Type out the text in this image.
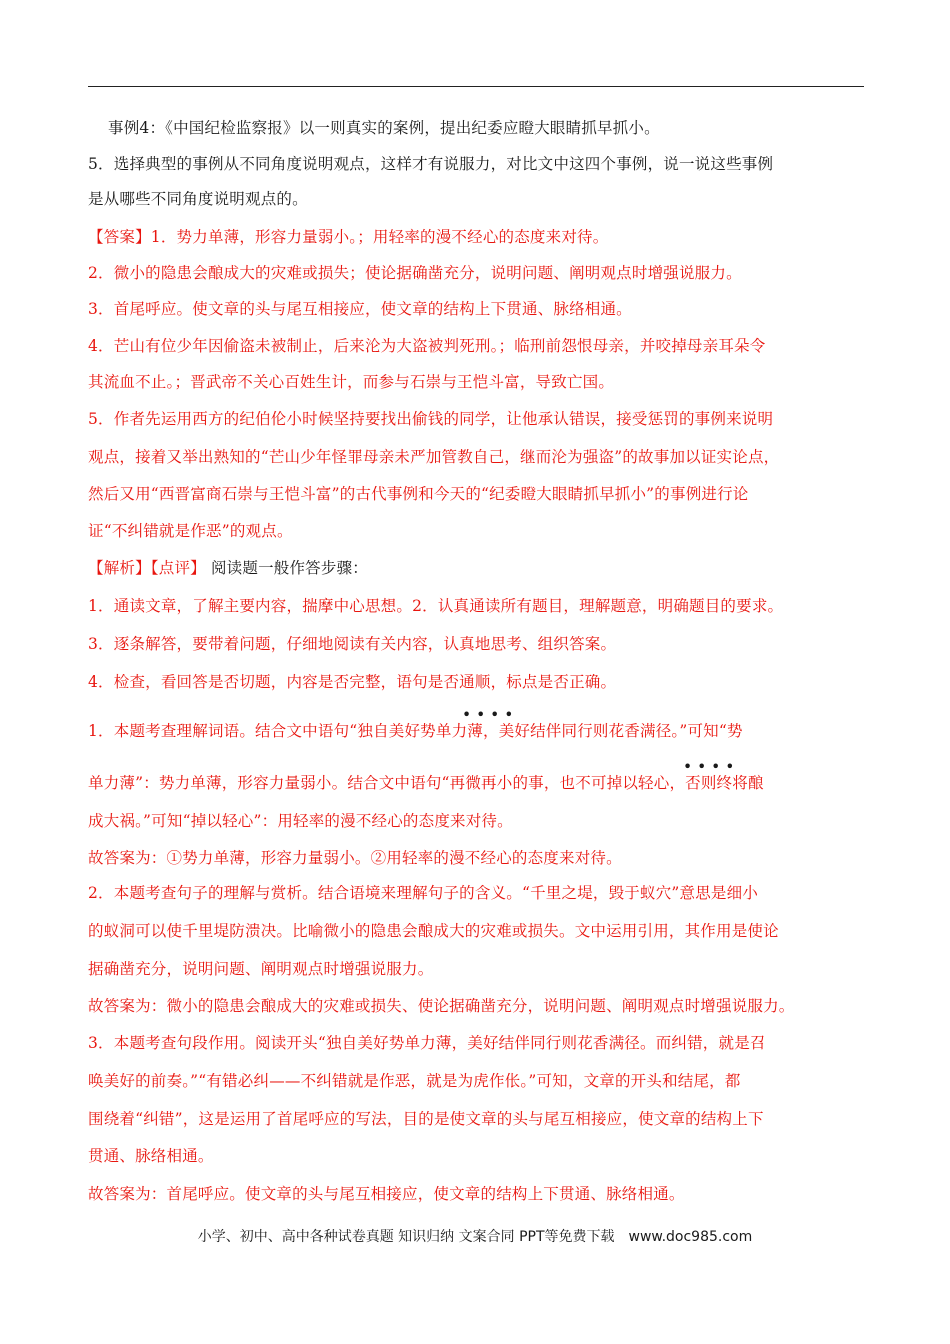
事例4：《中国纪检监察报》以一则真实的案例，提出纪委应瞪大眼睛抓早抓小。
5．选择典型的事例从不同角度说明观点，这样才有说服力，对比文中这四个事例，说一说这些事例
是从哪些不同角度说明观点的。
【答案】1．势力单薄，形容力量弱小。；用轻率的漫不经心的态度来对待。
2．微小的隐患会酿成大的灾难或损失；使论据确凿充分，说明问题、阐明观点时增强说服力。
3．首尾呼应。使文章的头与尾互相接应，使文章的结构上下贯通、脉络相通。
4．芒山有位少年因偷盗未被制止，后来沦为大盗被判死刑。；临刑前怨恨母亲，并咬掉母亲耳朵令
其流血不止。；晋武帝不关心百姓生计，而参与石崇与王恺斗富，导致亡国。
5．作者先运用西方的纪伯伦小时候坚持要找出偷钱的同学，让他承认错误，接受惩罚的事例来说明
观点，接着又举出熟知的“芒山少年怪罪母亲未严加管教自己，继而沦为强盗”的故事加以证实论点，
然后又用“西晋富商石崇与王恺斗富”的古代事例和今天的“纪委瞪大眼睛抓早抓小”的事例进行论
证“不纠错就是作恶”的观点。
【解析】【点评】 阅读题一般作答步骤：
1．通读文章，了解主要内容，揣摩中心思想。2．认真通读所有题目，理解题意，明确题目的要求。
3．逐条解答，要带着问题，仔细地阅读有关内容，认真地思考、组织答案。
4．检查，看回答是否切题，内容是否完整，语句是否通顺，标点是否正确。
• • • •
1．本题考查理解词语。结合文中语句“独自美好势单力薄，美好结伴同行则花香满径。”可知“势
• • • •
单力薄”：势力单薄，形容力量弱小。结合文中语句“再微再小的事，也不可掉以轻心，否则终将酿
成大祸。”可知“掉以轻心”：用轻率的漫不经心的态度来对待。
故答案为：①势力单薄，形容力量弱小。②用轻率的漫不经心的态度来对待。
2．本题考查句子的理解与赏析。结合语境来理解句子的含义。“千里之堤，毁于蚁穴”意思是细小
的蚁洞可以使千里堤防溃决。比喻微小的隐患会酿成大的灾难或损失。文中运用引用，其作用是使论
据确凿充分，说明问题、阐明观点时增强说服力。
故答案为：微小的隐患会酿成大的灾难或损失、使论据确凿充分，说明问题、阐明观点时增强说服力。
3．本题考查句段作用。阅读开头“独自美好势单力薄，美好结伴同行则花香满径。而纠错，就是召
唤美好的前奏。”“有错必纠——不纠错就是作恶，就是为虎作伥。”可知，文章的开头和结尾，都
围绕着“纠错”，这是运用了首尾呼应的写法，目的是使文章的头与尾互相接应，使文章的结构上下
贯通、脉络相通。
故答案为：首尾呼应。使文章的头与尾互相接应，使文章的结构上下贯通、脉络相通。
小学、初中、高中各种试卷真题 知识归纳 文案合同 PPT等免费下载 www.doc985.com
